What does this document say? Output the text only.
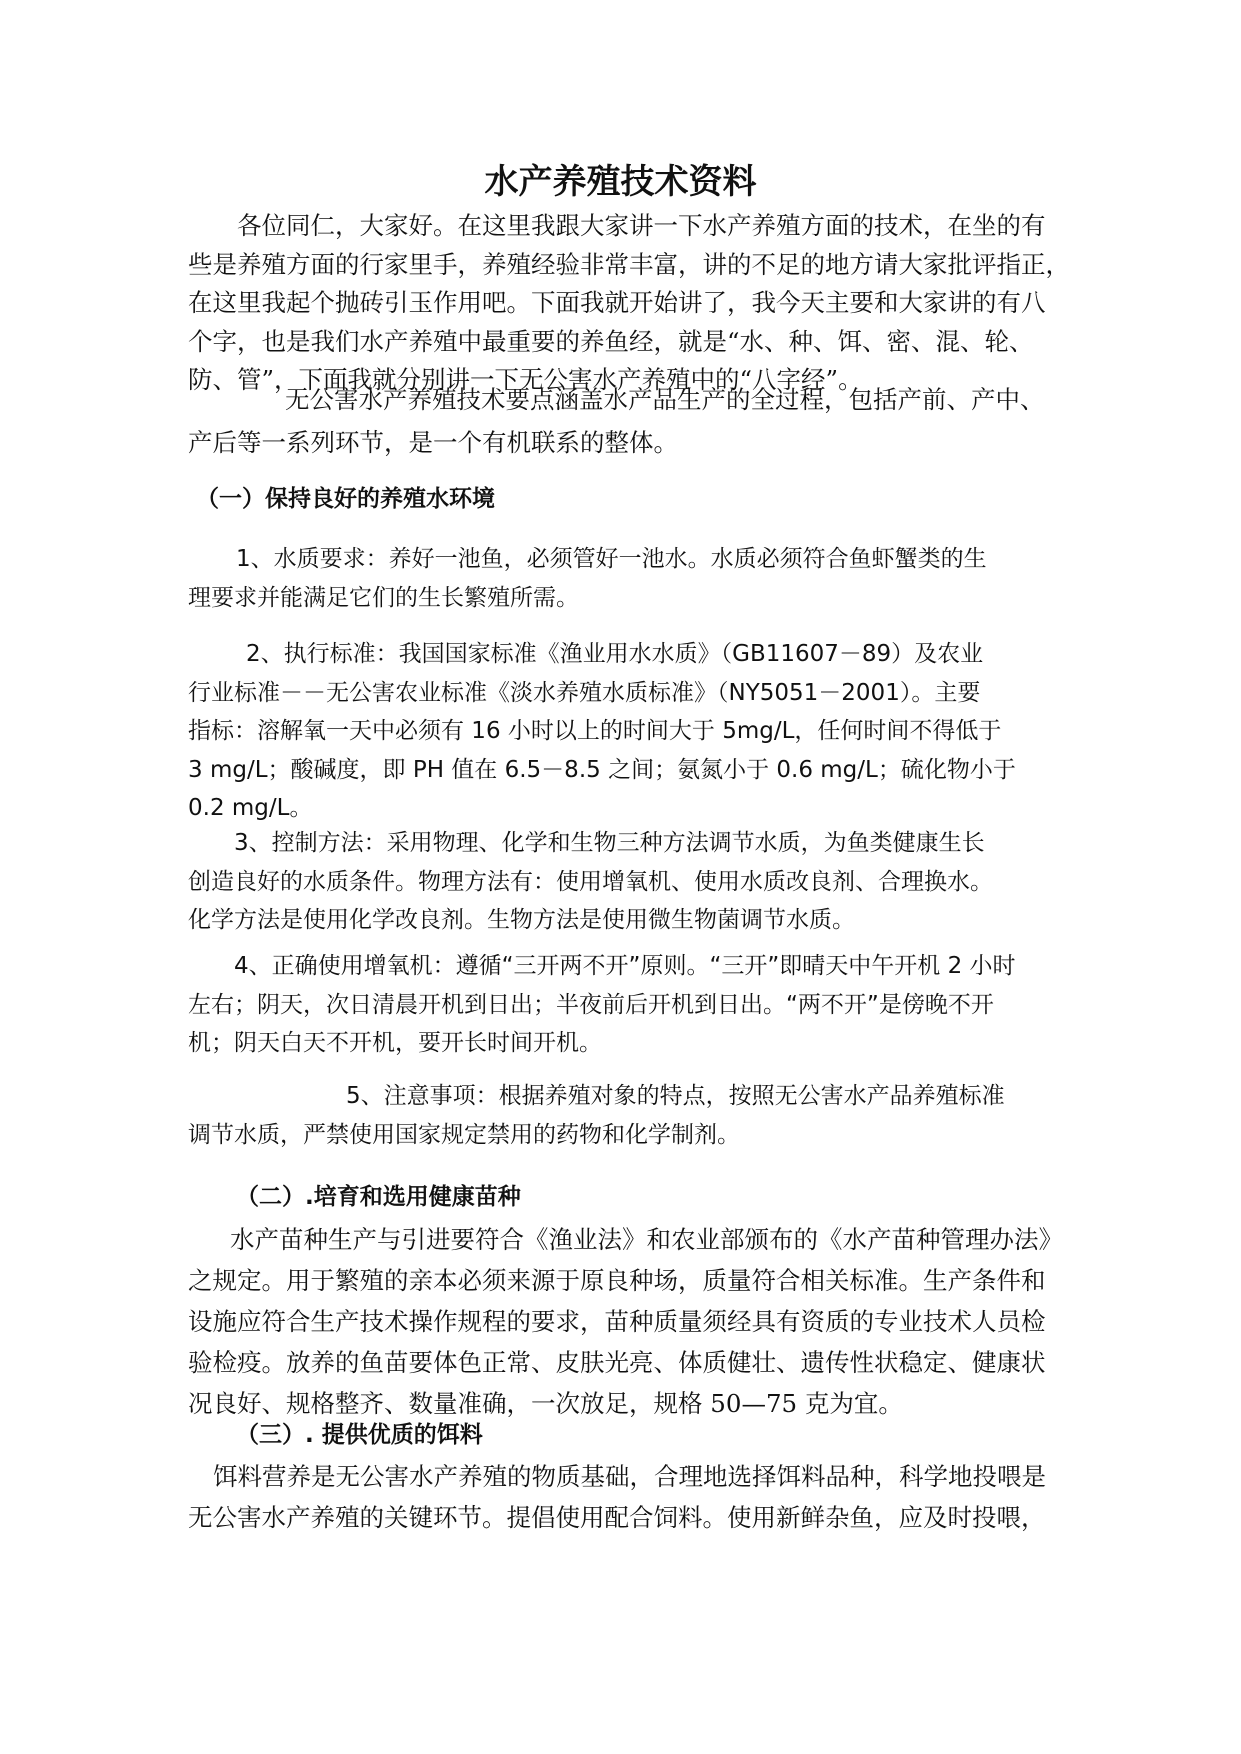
水产养殖技术资料
各位同仁，大家好。在这里我跟大家讲一下水产养殖方面的技术，在坐的有
些是养殖方面的行家里手，养殖经验非常丰富，讲的不足的地方请大家批评指正，
在这里我起个抛砖引玉作用吧。下面我就开始讲了，我今天主要和大家讲的有八
个字，也是我们水产养殖中最重要的养鱼经，就是“水、种、饵、密、混、轮、
防、管”，下面我就分别讲一下无公害水产养殖中的“八字经”。
无公害水产养殖技术要点涵盖水产品生产的全过程，包括产前、产中、
产后等一系列环节，是一个有机联系的整体。
（一）保持良好的养殖水环境
1、水质要求：养好一池鱼，必须管好一池水。水质必须符合鱼虾蟹类的生
理要求并能满足它们的生长繁殖所需。
2、执行标准：我国国家标准《渔业用水水质》（GB11607－89）及农业
行业标准－－无公害农业标准《淡水养殖水质标准》（NY5051－2001）。主要
指标：溶解氧一天中必须有 16 小时以上的时间大于 5mg/L，任何时间不得低于
3 mg/L；酸碱度，即 PH 值在 6.5－8.5 之间；氨氮小于 0.6 mg/L；硫化物小于
0.2 mg/L。
3、控制方法：采用物理、化学和生物三种方法调节水质，为鱼类健康生长
创造良好的水质条件。物理方法有：使用增氧机、使用水质改良剂、合理换水。
化学方法是使用化学改良剂。生物方法是使用微生物菌调节水质。
4、正确使用增氧机：遵循“三开两不开”原则。“三开”即晴天中午开机 2 小时
左右；阴天，次日清晨开机到日出；半夜前后开机到日出。“两不开”是傍晚不开
机；阴天白天不开机，要开长时间开机。
5、注意事项：根据养殖对象的特点，按照无公害水产品养殖标准
调节水质，严禁使用国家规定禁用的药物和化学制剂。
（二）.培育和选用健康苗种
水产苗种生产与引进要符合《渔业法》和农业部颁布的《水产苗种管理办法》
之规定。用于繁殖的亲本必须来源于原良种场，质量符合相关标准。生产条件和
设施应符合生产技术操作规程的要求，苗种质量须经具有资质的专业技术人员检
验检疫。放养的鱼苗要体色正常、皮肤光亮、体质健壮、遗传性状稳定、健康状
况良好、规格整齐、数量准确，一次放足，规格 50—75 克为宜。
（三）. 提供优质的饵料
饵料营养是无公害水产养殖的物质基础，合理地选择饵料品种，科学地投喂是
无公害水产养殖的关键环节。提倡使用配合饲料。使用新鲜杂鱼，应及时投喂，
